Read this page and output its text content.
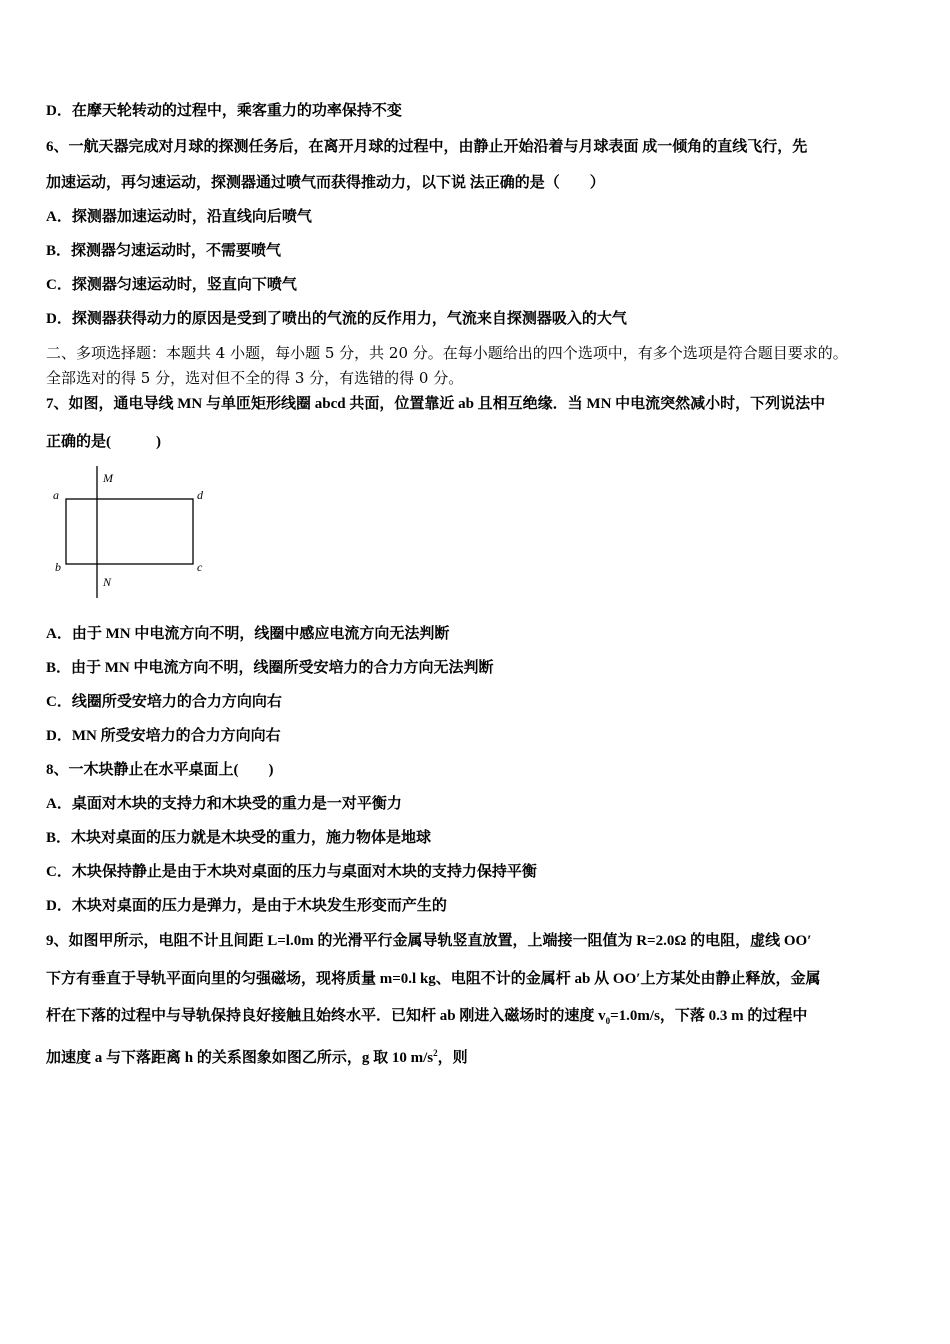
D．在摩天轮转动的过程中，乘客重力的功率保持不变
6、一航天器完成对月球的探测任务后，在离开月球的过程中，由静止开始沿着与月球表面 成一倾角的直线飞行，先
加速运动，再匀速运动，探测器通过喷气而获得推动力，以下说 法正确的是（　　）
A．探测器加速运动时，沿直线向后喷气
B．探测器匀速运动时，不需要喷气
C．探测器匀速运动时，竖直向下喷气
D．探测器获得动力的原因是受到了喷出的气流的反作用力，气流来自探测器吸入的大气
二、多项选择题：本题共 4 小题，每小题 5 分，共 20 分。在每小题给出的四个选项中，有多个选项是符合题目要求的。
全部选对的得 5 分，选对但不全的得 3 分，有选错的得 0 分。
7、如图，通电导线 MN 与单匝矩形线圈 abcd 共面，位置靠近 ab 且相互绝缘．当 MN 中电流突然减小时，下列说法中
正确的是(　　　)
M
N
a
b	c
d
A．由于 MN 中电流方向不明，线圈中感应电流方向无法判断
B．由于 MN 中电流方向不明，线圈所受安培力的合力方向无法判断
C．线圈所受安培力的合力方向向右
D．MN 所受安培力的合力方向向右
8、一木块静止在水平桌面上(　　)
A．桌面对木块的支持力和木块受的重力是一对平衡力
B．木块对桌面的压力就是木块受的重力，施力物体是地球
C．木块保持静止是由于木块对桌面的压力与桌面对木块的支持力保持平衡
D．木块对桌面的压力是弹力，是由于木块发生形变而产生的
9、如图甲所示，电阻不计且间距 L=l.0m 的光滑平行金属导轨竖直放置，上端接一阻值为 R=2.0Ω 的电阻，虚线 OO′
下方有垂直于导轨平面向里的匀强磁场，现将质量 m=0.l kg、电阻不计的金属杆 ab 从 OO′上方某处由静止释放，金属
杆在下落的过程中与导轨保持良好接触且始终水平．已知杆 ab 刚进入磁场时的速度 $v_0=1.0m/s$，下落 0.3 m 的过程中
加速度 a 与下落距离 h 的关系图象如图乙所示，g 取 10 $m/s^2$，则
